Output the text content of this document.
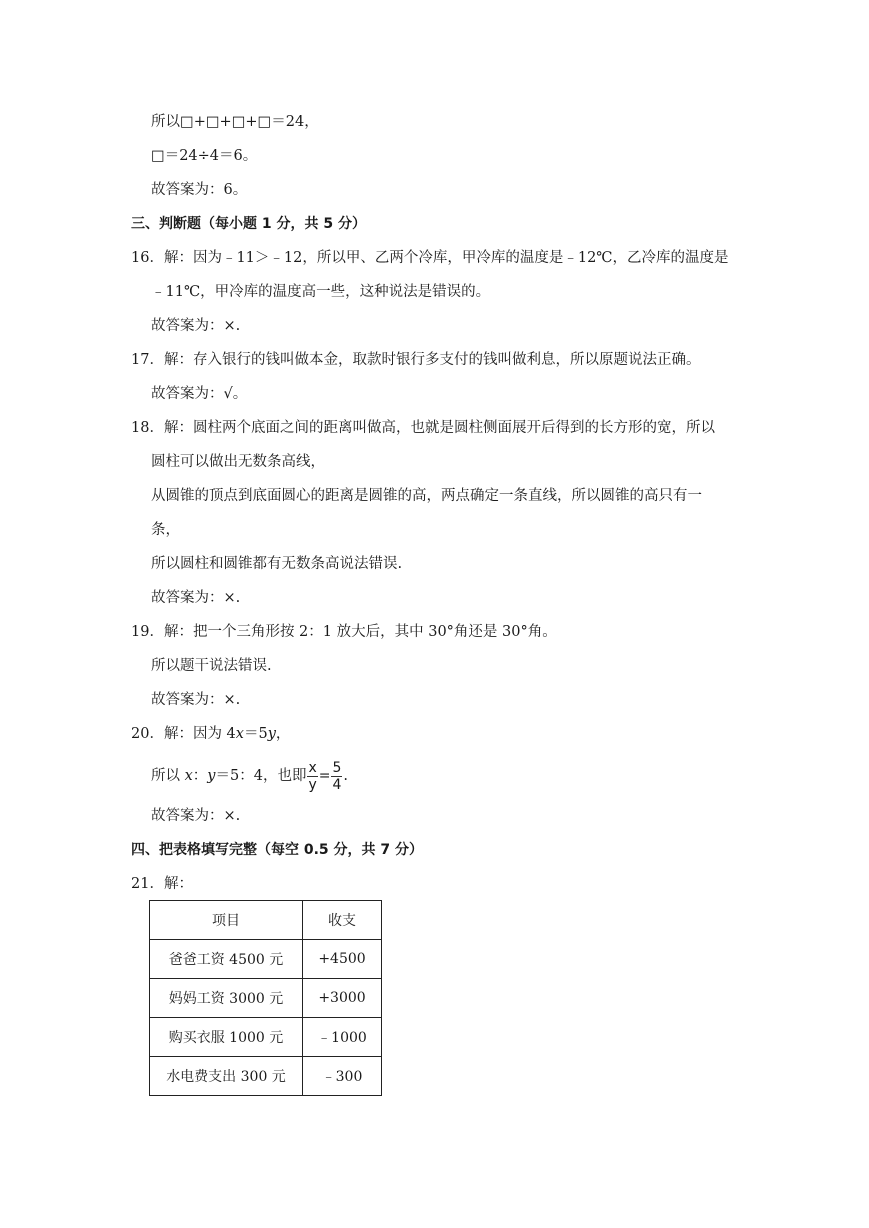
所以□+□+□+□＝24，
□＝24÷4＝6。
故答案为：6。
三、判断题（每小题 1 分，共 5 分）
16．解：因为﹣11＞﹣12，所以甲、乙两个冷库，甲冷库的温度是﹣12℃，乙冷库的温度是
﹣11℃，甲冷库的温度高一些，这种说法是错误的。
故答案为：×.
17．解：存入银行的钱叫做本金，取款时银行多支付的钱叫做利息，所以原题说法正确。
故答案为：√。
18．解：圆柱两个底面之间的距离叫做高，也就是圆柱侧面展开后得到的长方形的宽，所以
圆柱可以做出无数条高线，
从圆锥的顶点到底面圆心的距离是圆锥的高，两点确定一条直线，所以圆锥的高只有一
条，
所以圆柱和圆锥都有无数条高说法错误.
故答案为：×.
19．解：把一个三角形按 2：1 放大后，其中 30°角还是 30°角。
所以题干说法错误.
故答案为：×.
20．解：因为 4x＝5y，
所以 x：y＝5：4，也即 $\frac{x}{y} = \frac{5}{4}$ .
故答案为：×.
四、把表格填写完整（每空 0.5 分，共 7 分）
21．解：
项目	收支
爸爸工资 4500 元	+4500
妈妈工资 3000 元	+3000
购买衣服 1000 元	﹣1000
水电费支出 300 元	﹣300
